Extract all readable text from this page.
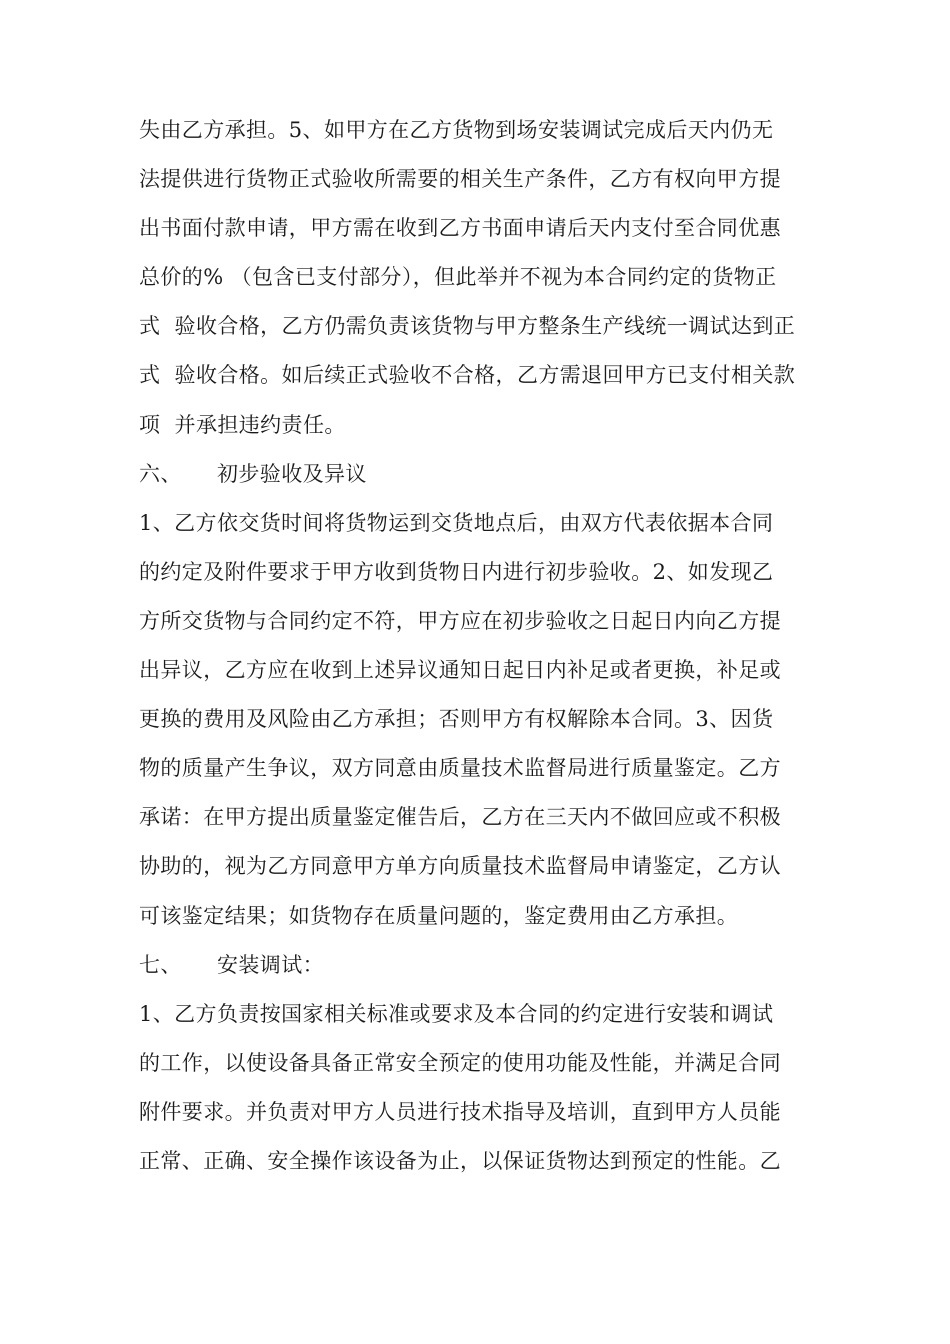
失由乙方承担。5、如甲方在乙方货物到场安装调试完成后天内仍无
法提供进行货物正式验收所需要的相关生产条件，乙方有权向甲方提
出书面付款申请，甲方需在收到乙方书面申请后天内支付至合同优惠
总价的% （包含已支付部分），但此举并不视为本合同约定的货物正
式  验收合格，乙方仍需负责该货物与甲方整条生产线统一调试达到正
式  验收合格。如后续正式验收不合格，乙方需退回甲方已支付相关款
项  并承担违约责任。
六、 初步验收及异议
1、乙方依交货时间将货物运到交货地点后，由双方代表依据本合同
的约定及附件要求于甲方收到货物日内进行初步验收。2、如发现乙
方所交货物与合同约定不符，甲方应在初步验收之日起日内向乙方提
出异议，乙方应在收到上述异议通知日起日内补足或者更换，补足或
更换的费用及风险由乙方承担；否则甲方有权解除本合同。3、因货
物的质量产生争议，双方同意由质量技术监督局进行质量鉴定。乙方
承诺：在甲方提出质量鉴定催告后，乙方在三天内不做回应或不积极
协助的，视为乙方同意甲方单方向质量技术监督局申请鉴定，乙方认
可该鉴定结果；如货物存在质量问题的，鉴定费用由乙方承担。
七、 安装调试：
1、乙方负责按国家相关标准或要求及本合同的约定进行安装和调试
的工作，以使设备具备正常安全预定的使用功能及性能，并满足合同
附件要求。并负责对甲方人员进行技术指导及培训，直到甲方人员能
正常、正确、安全操作该设备为止，以保证货物达到预定的性能。乙
